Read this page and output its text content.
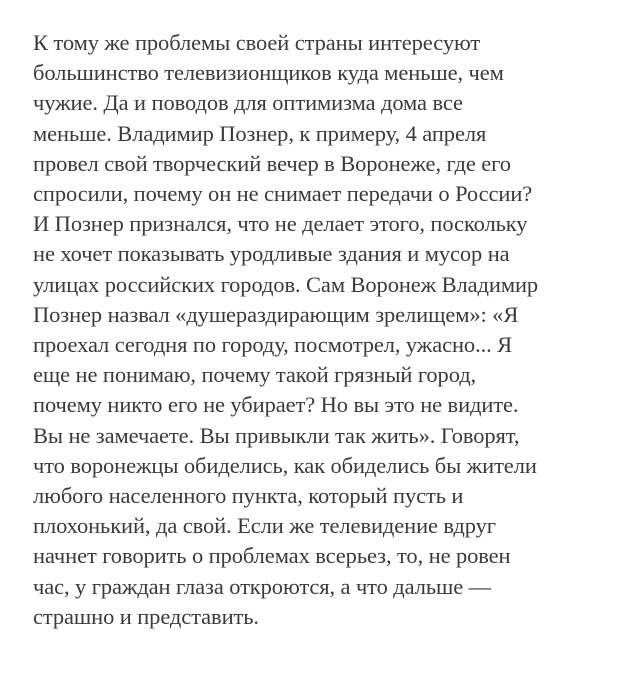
К тому же проблемы своей страны интересуют
большинство телевизионщиков куда меньше, чем
чужие. Да и поводов для оптимизма дома все
меньше. Владимир Познер, к примеру, 4 апреля
провел свой творческий вечер в Воронеже, где его
спросили, почему он не снимает передачи о России?
И Познер признался, что не делает этого, поскольку
не хочет показывать уродливые здания и мусор на
улицах российских городов. Сам Воронеж Владимир
Познер назвал «душераздирающим зрелищем»: «Я
проехал сегодня по городу, посмотрел, ужасно... Я
еще не понимаю, почему такой грязный город,
почему никто его не убирает? Но вы это не видите.
Вы не замечаете. Вы привыкли так жить». Говорят,
что воронежцы обиделись, как обиделись бы жители
любого населенного пункта, который пусть и
плохонький, да свой. Если же телевидение вдруг
начнет говорить о проблемах всерьез, то, не ровен
час, у граждан глаза откроются, а что дальше —
страшно и представить.
